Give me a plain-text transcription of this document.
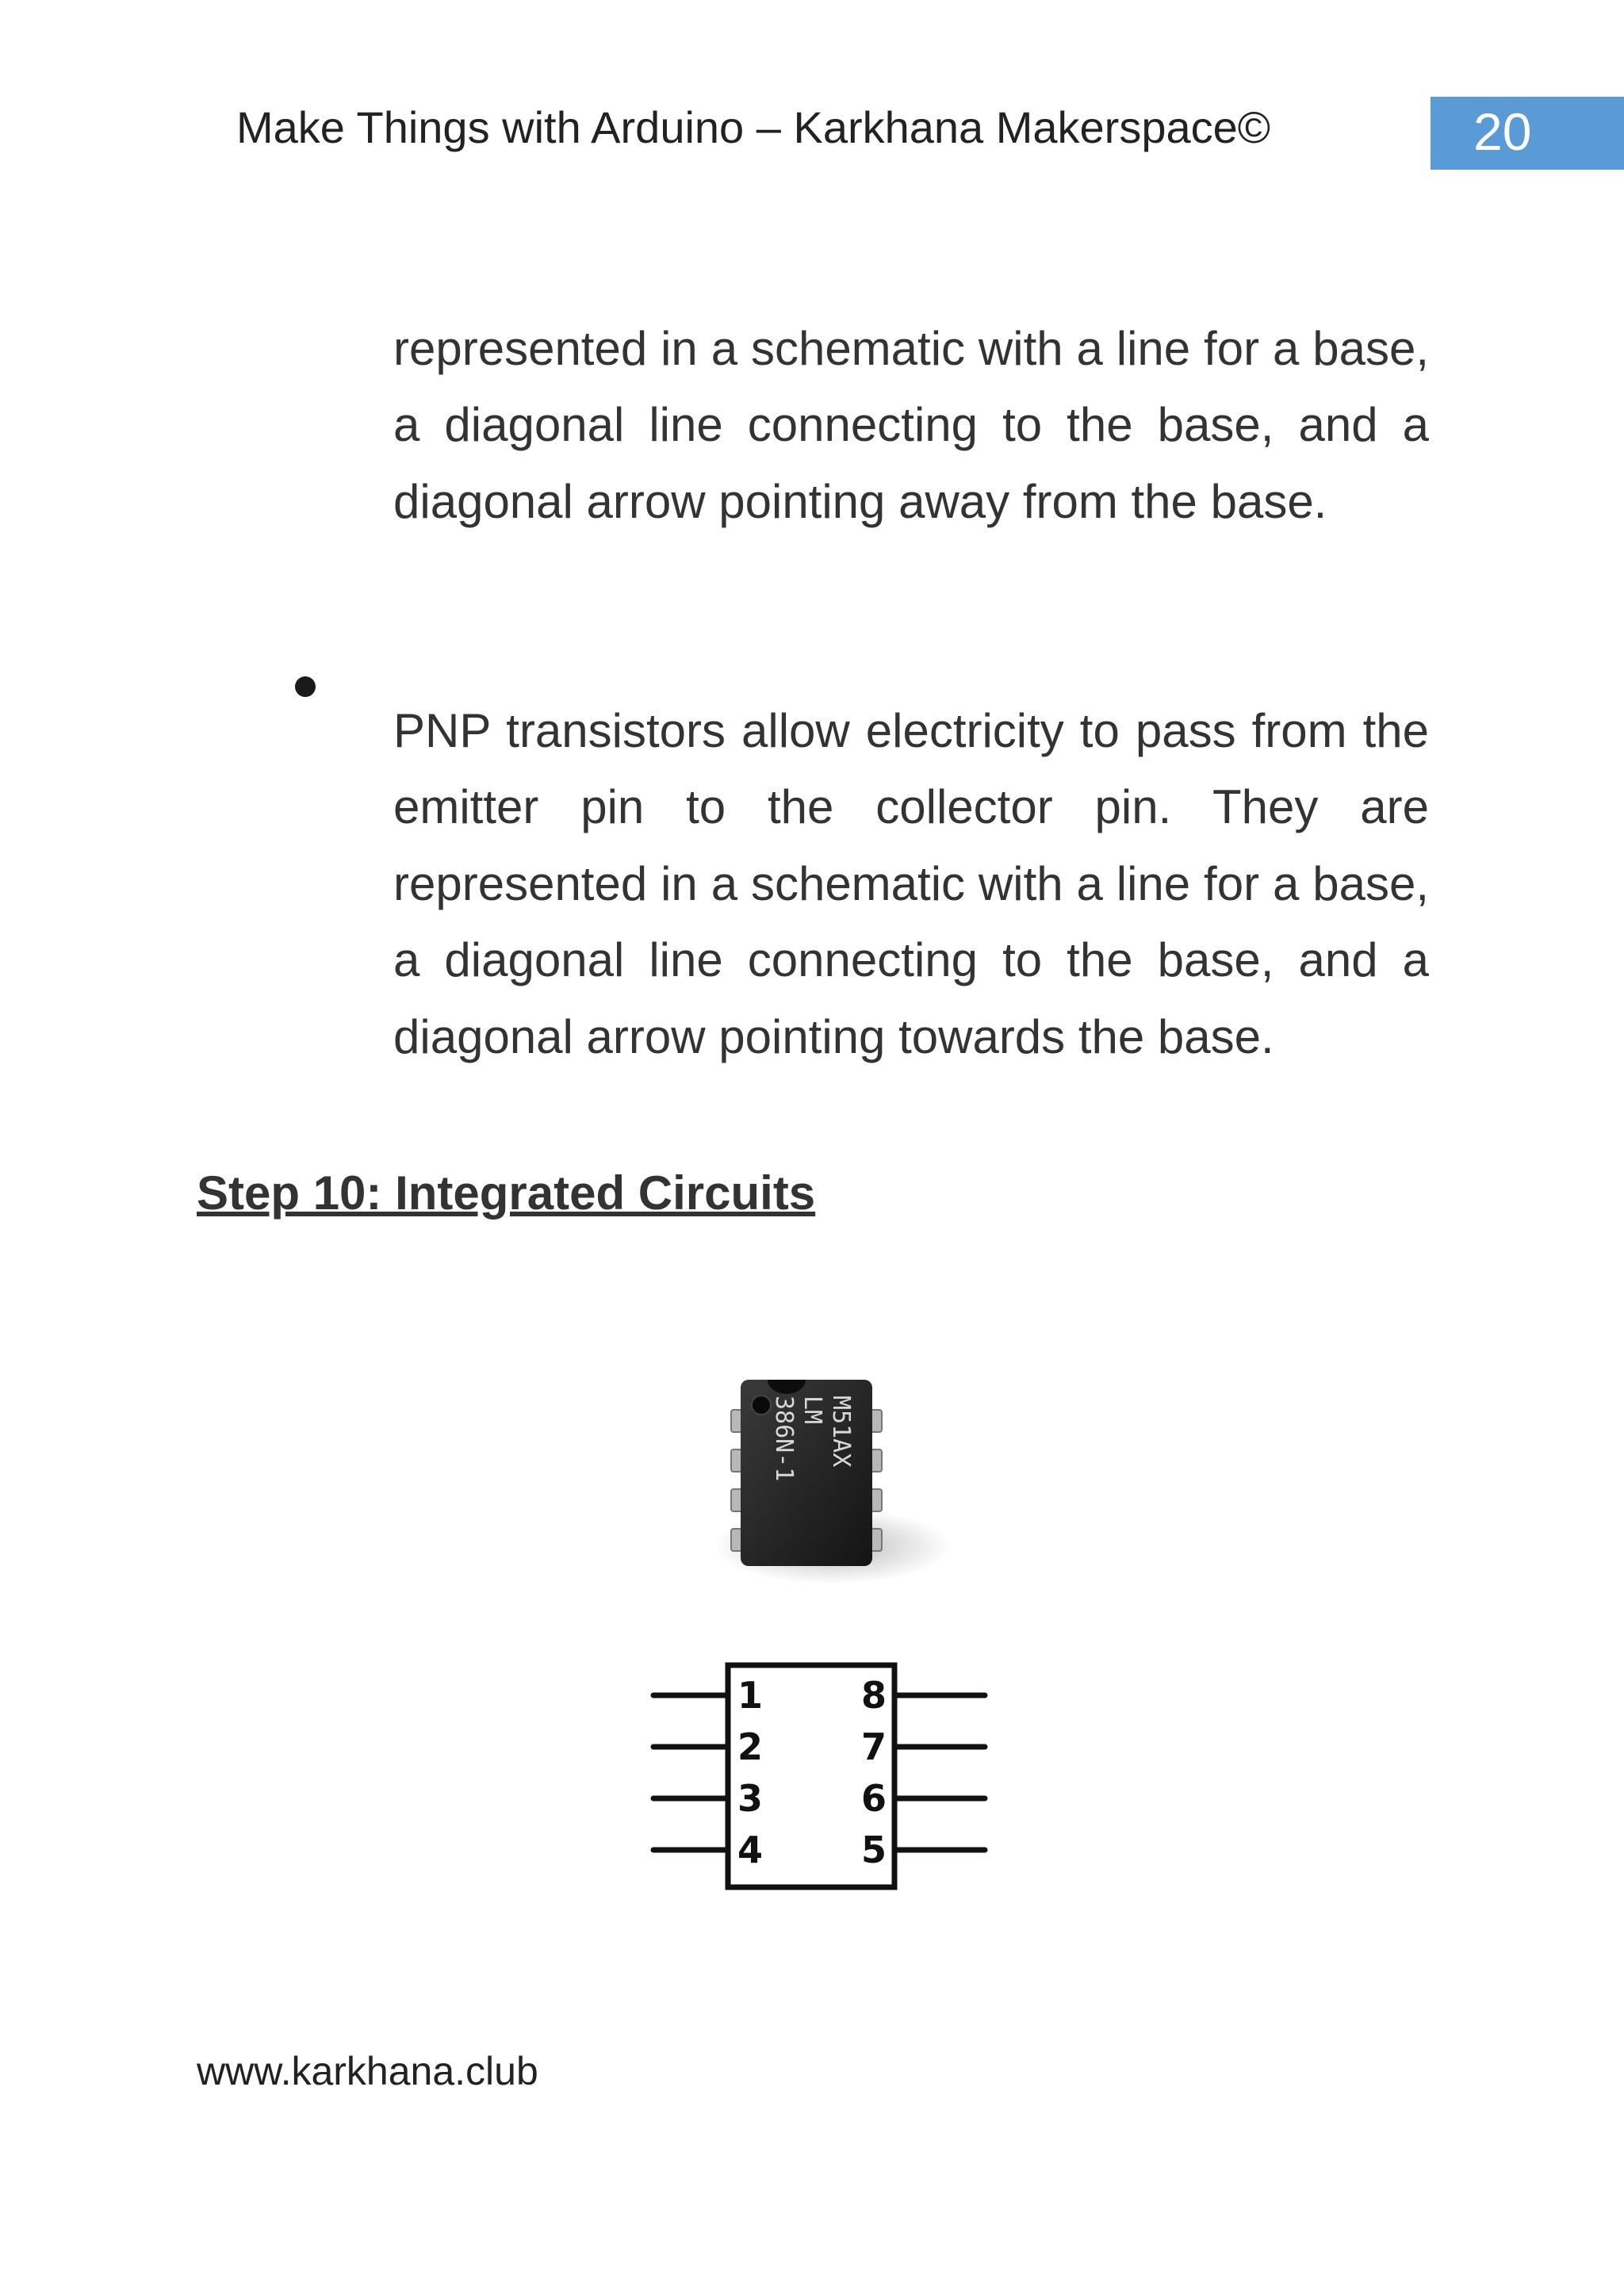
Make Things with Arduino – Karkhana Makerspace©	20

represented in a schematic with a line for a base, a diagonal line connecting to the base, and a diagonal arrow pointing away from the base.

PNP transistors allow electricity to pass from the emitter pin to the collector pin. They are represented in a schematic with a line for a base, a diagonal line connecting to the base, and a diagonal arrow pointing towards the base.

Step 10: Integrated Circuits
M51AX
LM
386N-1
1
2
3
4
8
7
6
5
www.karkhana.club
